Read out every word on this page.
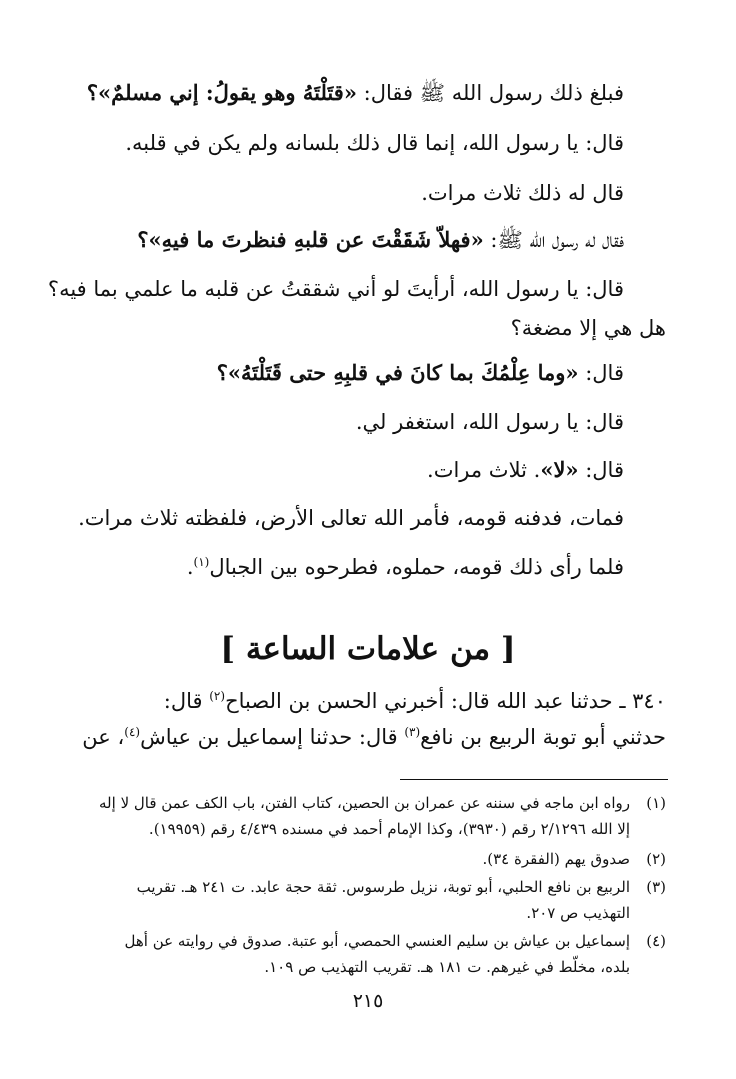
فبلغ ذلك رسول الله ﷺ فقال: «قتَلْتَهُ وهو يقولُ: إني مسلمٌ»؟
قال: يا رسول الله، إنما قال ذلك بلسانه ولم يكن في قلبه.
قال له ذلك ثلاث مرات.
فقال له رسول الله ﷺ: «فهلاّ شَقَقْتَ عن قلبهِ فنظرتَ ما فيهِ»؟
قال: يا رسول الله، أرأيتَ لو أني شققتُ عن قلبه ما علمي بما فيه؟
هل هي إلا مضغة؟
قال: «وما عِلْمُكَ بما كانَ في قلبِهِ حتى قَتَلْتَهُ»؟
قال: يا رسول الله، استغفر لي.
قال: «لا». ثلاث مرات.
فمات، فدفنه قومه، فأمر الله تعالى الأرض، فلفظته ثلاث مرات.
فلما رأى ذلك قومه، حملوه، فطرحوه بين الجبال$^{(١)}$.
[ من علامات الساعة ]
٣٤٠ ـ حدثنا عبد الله قال: أخبرني الحسن بن الصباح$^{(٢)}$ قال:
حدثني أبو توبة الربيع بن نافع$^{(٣)}$ قال: حدثنا إسماعيل بن عياش$^{(٤)}$، عن
(١)رواه ابن ماجه في سننه عن عمران بن الحصين، كتاب الفتن، باب الكف عمن قال لا إله
إلا الله ٢/١٢٩٦ رقم (٣٩٣٠)، وكذا الإمام أحمد في مسنده ٤/٤٣٩ رقم (١٩٩٥٩).
(٢)صدوق يهم (الفقرة ٣٤).
(٣)الربيع بن نافع الحلبي، أبو توبة، نزيل طرسوس. ثقة حجة عابد. ت ٢٤١ هـ. تقريب
التهذيب ص ٢٠٧.
(٤)إسماعيل بن عياش بن سليم العنسي الحمصي، أبو عتبة. صدوق في روايته عن أهل
بلده، مخلّط في غيرهم. ت ١٨١ هـ. تقريب التهذيب ص ١٠٩.
٢١٥
